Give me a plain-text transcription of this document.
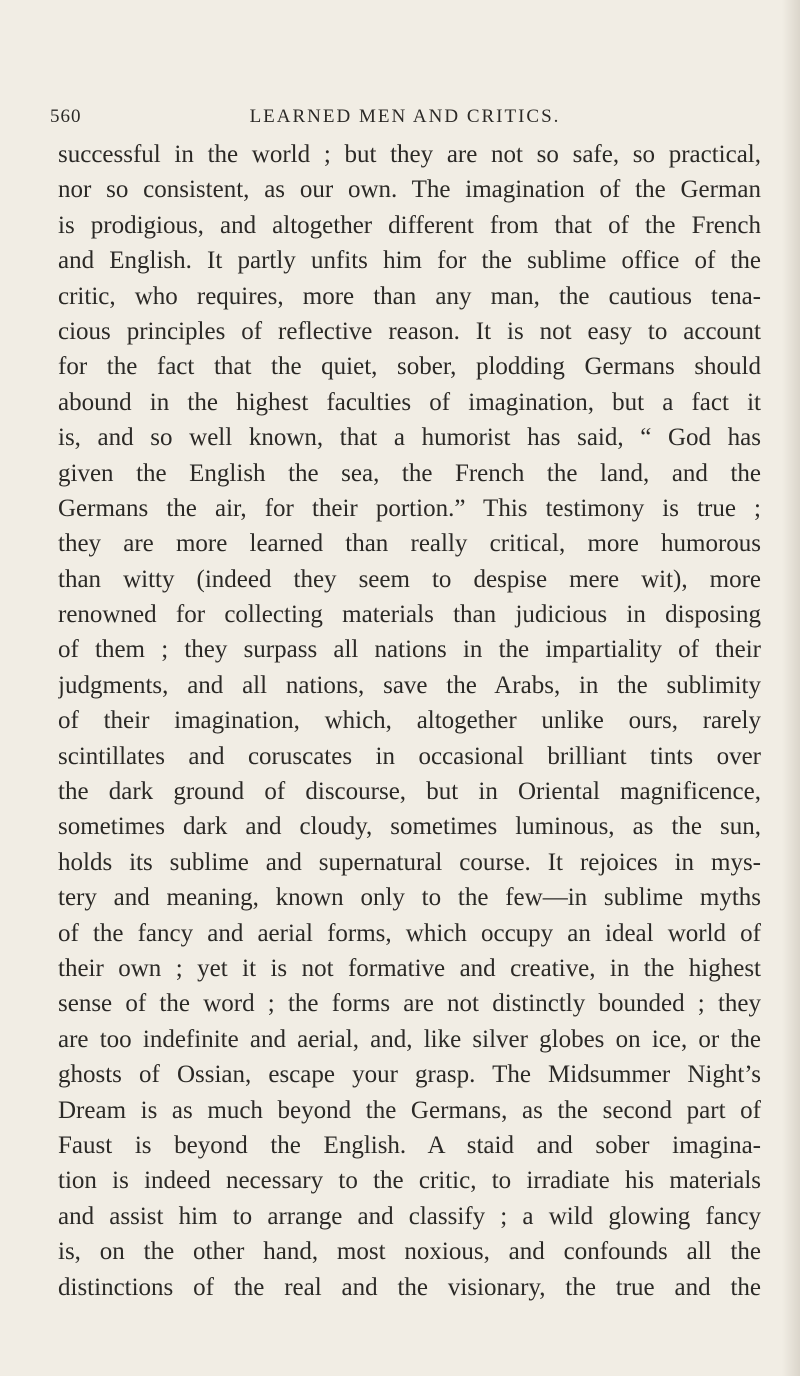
560	LEARNED MEN AND CRITICS.
successful in the world ; but they are not so safe, so practical,
nor so consistent, as our own. The imagination of the German
is prodigious, and altogether different from that of the French
and English. It partly unfits him for the sublime office of the
critic, who requires, more than any man, the cautious tena-
cious principles of reflective reason. It is not easy to account
for the fact that the quiet, sober, plodding Germans should
abound in the highest faculties of imagination, but a fact it
is, and so well known, that a humorist has said, “ God has
given the English the sea, the French the land, and the
Germans the air, for their portion.” This testimony is true ;
they are more learned than really critical, more humorous
than witty (indeed they seem to despise mere wit), more
renowned for collecting materials than judicious in disposing
of them ; they surpass all nations in the impartiality of their
judgments, and all nations, save the Arabs, in the sublimity
of their imagination, which, altogether unlike ours, rarely
scintillates and coruscates in occasional brilliant tints over
the dark ground of discourse, but in Oriental magnificence,
sometimes dark and cloudy, sometimes luminous, as the sun,
holds its sublime and supernatural course. It rejoices in mys-
tery and meaning, known only to the few—in sublime myths
of the fancy and aerial forms, which occupy an ideal world of
their own ; yet it is not formative and creative, in the highest
sense of the word ; the forms are not distinctly bounded ; they
are too indefinite and aerial, and, like silver globes on ice, or the
ghosts of Ossian, escape your grasp. The Midsummer Night’s
Dream is as much beyond the Germans, as the second part of
Faust is beyond the English. A staid and sober imagina-
tion is indeed necessary to the critic, to irradiate his materials
and assist him to arrange and classify ; a wild glowing fancy
is, on the other hand, most noxious, and confounds all the
distinctions of the real and the visionary, the true and the
